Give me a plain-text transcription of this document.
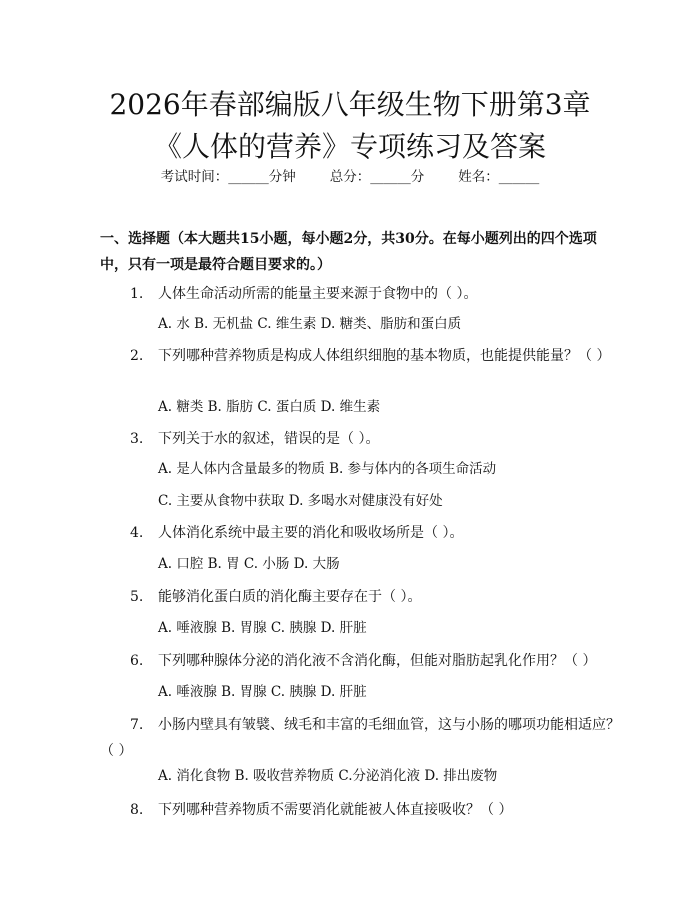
2026年春部编版八年级生物下册第3章《人体的营养》专项练习及答案
考试时间：______分钟	总分：______分	姓名：______

一、选择题（本大题共15小题，每小题2分，共30分。在每小题列出的四个选项中，只有一项是最符合题目要求的。）

1. 人体生命活动所需的能量主要来源于食物中的（ ）。

A. 水 B. 无机盐 C. 维生素 D. 糖类、脂肪和蛋白质

2. 下列哪种营养物质是构成人体组织细胞的基本物质，也能提供能量？（ ）

A. 糖类 B. 脂肪 C. 蛋白质 D. 维生素

3. 下列关于水的叙述，错误的是（ ）。

A. 是人体内含量最多的物质 B. 参与体内的各项生命活动

C. 主要从食物中获取 D. 多喝水对健康没有好处

4. 人体消化系统中最主要的消化和吸收场所是（ ）。

A. 口腔 B. 胃 C. 小肠 D. 大肠

5. 能够消化蛋白质的消化酶主要存在于（ ）。

A. 唾液腺 B. 胃腺 C. 胰腺 D. 肝脏

6. 下列哪种腺体分泌的消化液不含消化酶，但能对脂肪起乳化作用？（ ）

A. 唾液腺 B. 胃腺 C. 胰腺 D. 肝脏

7. 小肠内壁具有皱襞、绒毛和丰富的毛细血管，这与小肠的哪项功能相适应？（ ）

A. 消化食物 B. 吸收营养物质 C.分泌消化液 D. 排出废物

8. 下列哪种营养物质不需要消化就能被人体直接吸收？（ ）
